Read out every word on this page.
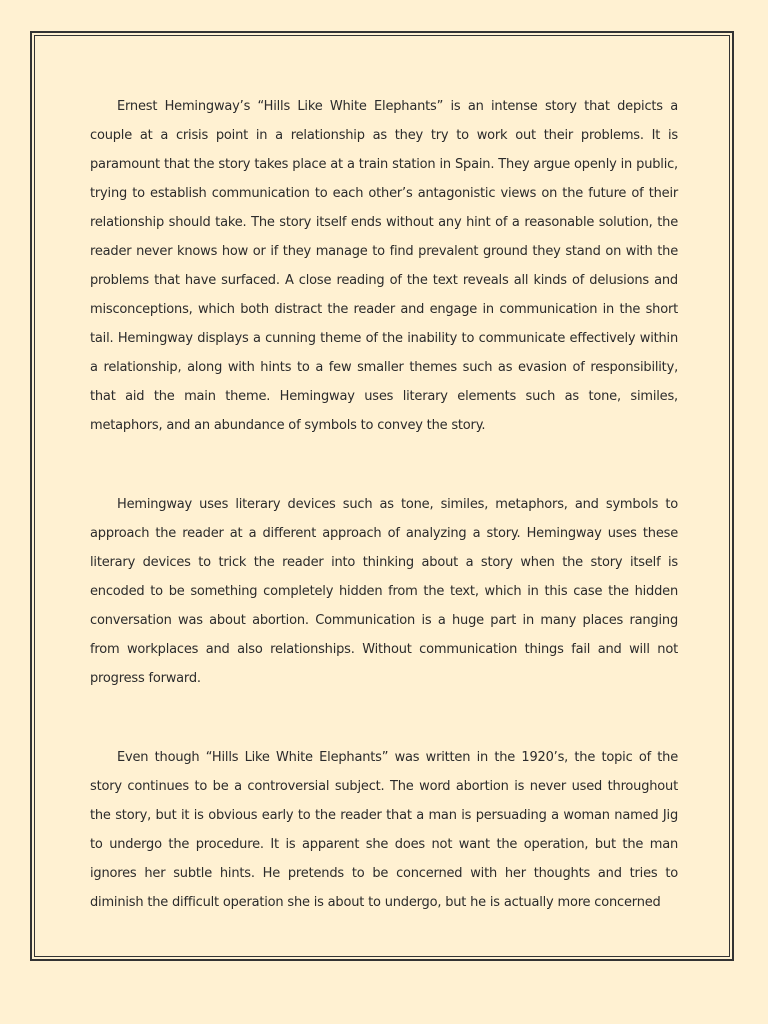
Ernest Hemingway’s “Hills Like White Elephants” is an intense story that depicts a couple at a crisis point in a relationship as they try to work out their problems. It is paramount that the story takes place at a train station in Spain. They argue openly in public, trying to establish communication to each other’s antagonistic views on the future of their relationship should take. The story itself ends without any hint of a reasonable solution, the reader never knows how or if they manage to find prevalent ground they stand on with the problems that have surfaced. A close reading of the text reveals all kinds of delusions and misconceptions, which both distract the reader and engage in communication in the short tail. Hemingway displays a cunning theme of the inability to communicate effectively within a relationship, along with hints to a few smaller themes such as evasion of responsibility, that aid the main theme. Hemingway uses literary elements such as tone, similes, metaphors, and an abundance of symbols to convey the story.

Hemingway uses literary devices such as tone, similes, metaphors, and symbols to approach the reader at a different approach of analyzing a story. Hemingway uses these literary devices to trick the reader into thinking about a story when the story itself is encoded to be something completely hidden from the text, which in this case the hidden conversation was about abortion. Communication is a huge part in many places ranging from workplaces and also relationships. Without communication things fail and will not progress forward.

Even though “Hills Like White Elephants” was written in the 1920’s, the topic of the story continues to be a controversial subject. The word abortion is never used throughout the story, but it is obvious early to the reader that a man is persuading a woman named Jig to undergo the procedure. It is apparent she does not want the operation, but the man ignores her subtle hints. He pretends to be concerned with her thoughts and tries to diminish the difficult operation she is about to undergo, but he is actually more concerned
